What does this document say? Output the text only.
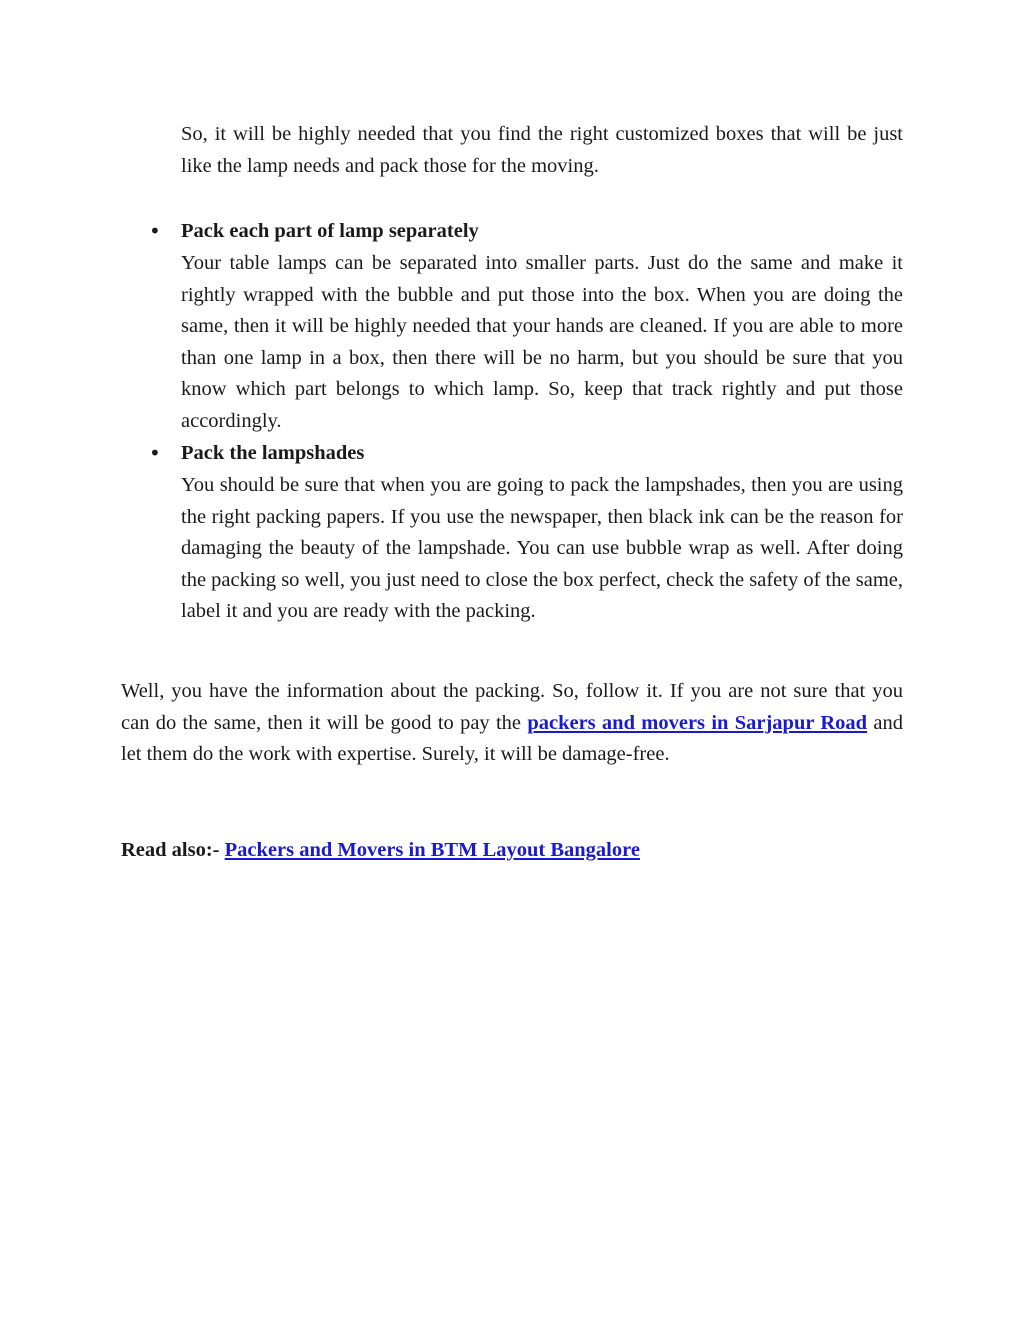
So, it will be highly needed that you find the right customized boxes that will be just like the lamp needs and pack those for the moving.

• Pack each part of lamp separately

Your table lamps can be separated into smaller parts. Just do the same and make it rightly wrapped with the bubble and put those into the box. When you are doing the same, then it will be highly needed that your hands are cleaned. If you are able to more than one lamp in a box, then there will be no harm, but you should be sure that you know which part belongs to which lamp. So, keep that track rightly and put those accordingly.

• Pack the lampshades

You should be sure that when you are going to pack the lampshades, then you are using the right packing papers. If you use the newspaper, then black ink can be the reason for damaging the beauty of the lampshade. You can use bubble wrap as well. After doing the packing so well, you just need to close the box perfect, check the safety of the same, label it and you are ready with the packing.

Well, you have the information about the packing. So, follow it. If you are not sure that you can do the same, then it will be good to pay the packers and movers in Sarjapur Road and let them do the work with expertise. Surely, it will be damage-free.

Read also:- Packers and Movers in BTM Layout Bangalore
